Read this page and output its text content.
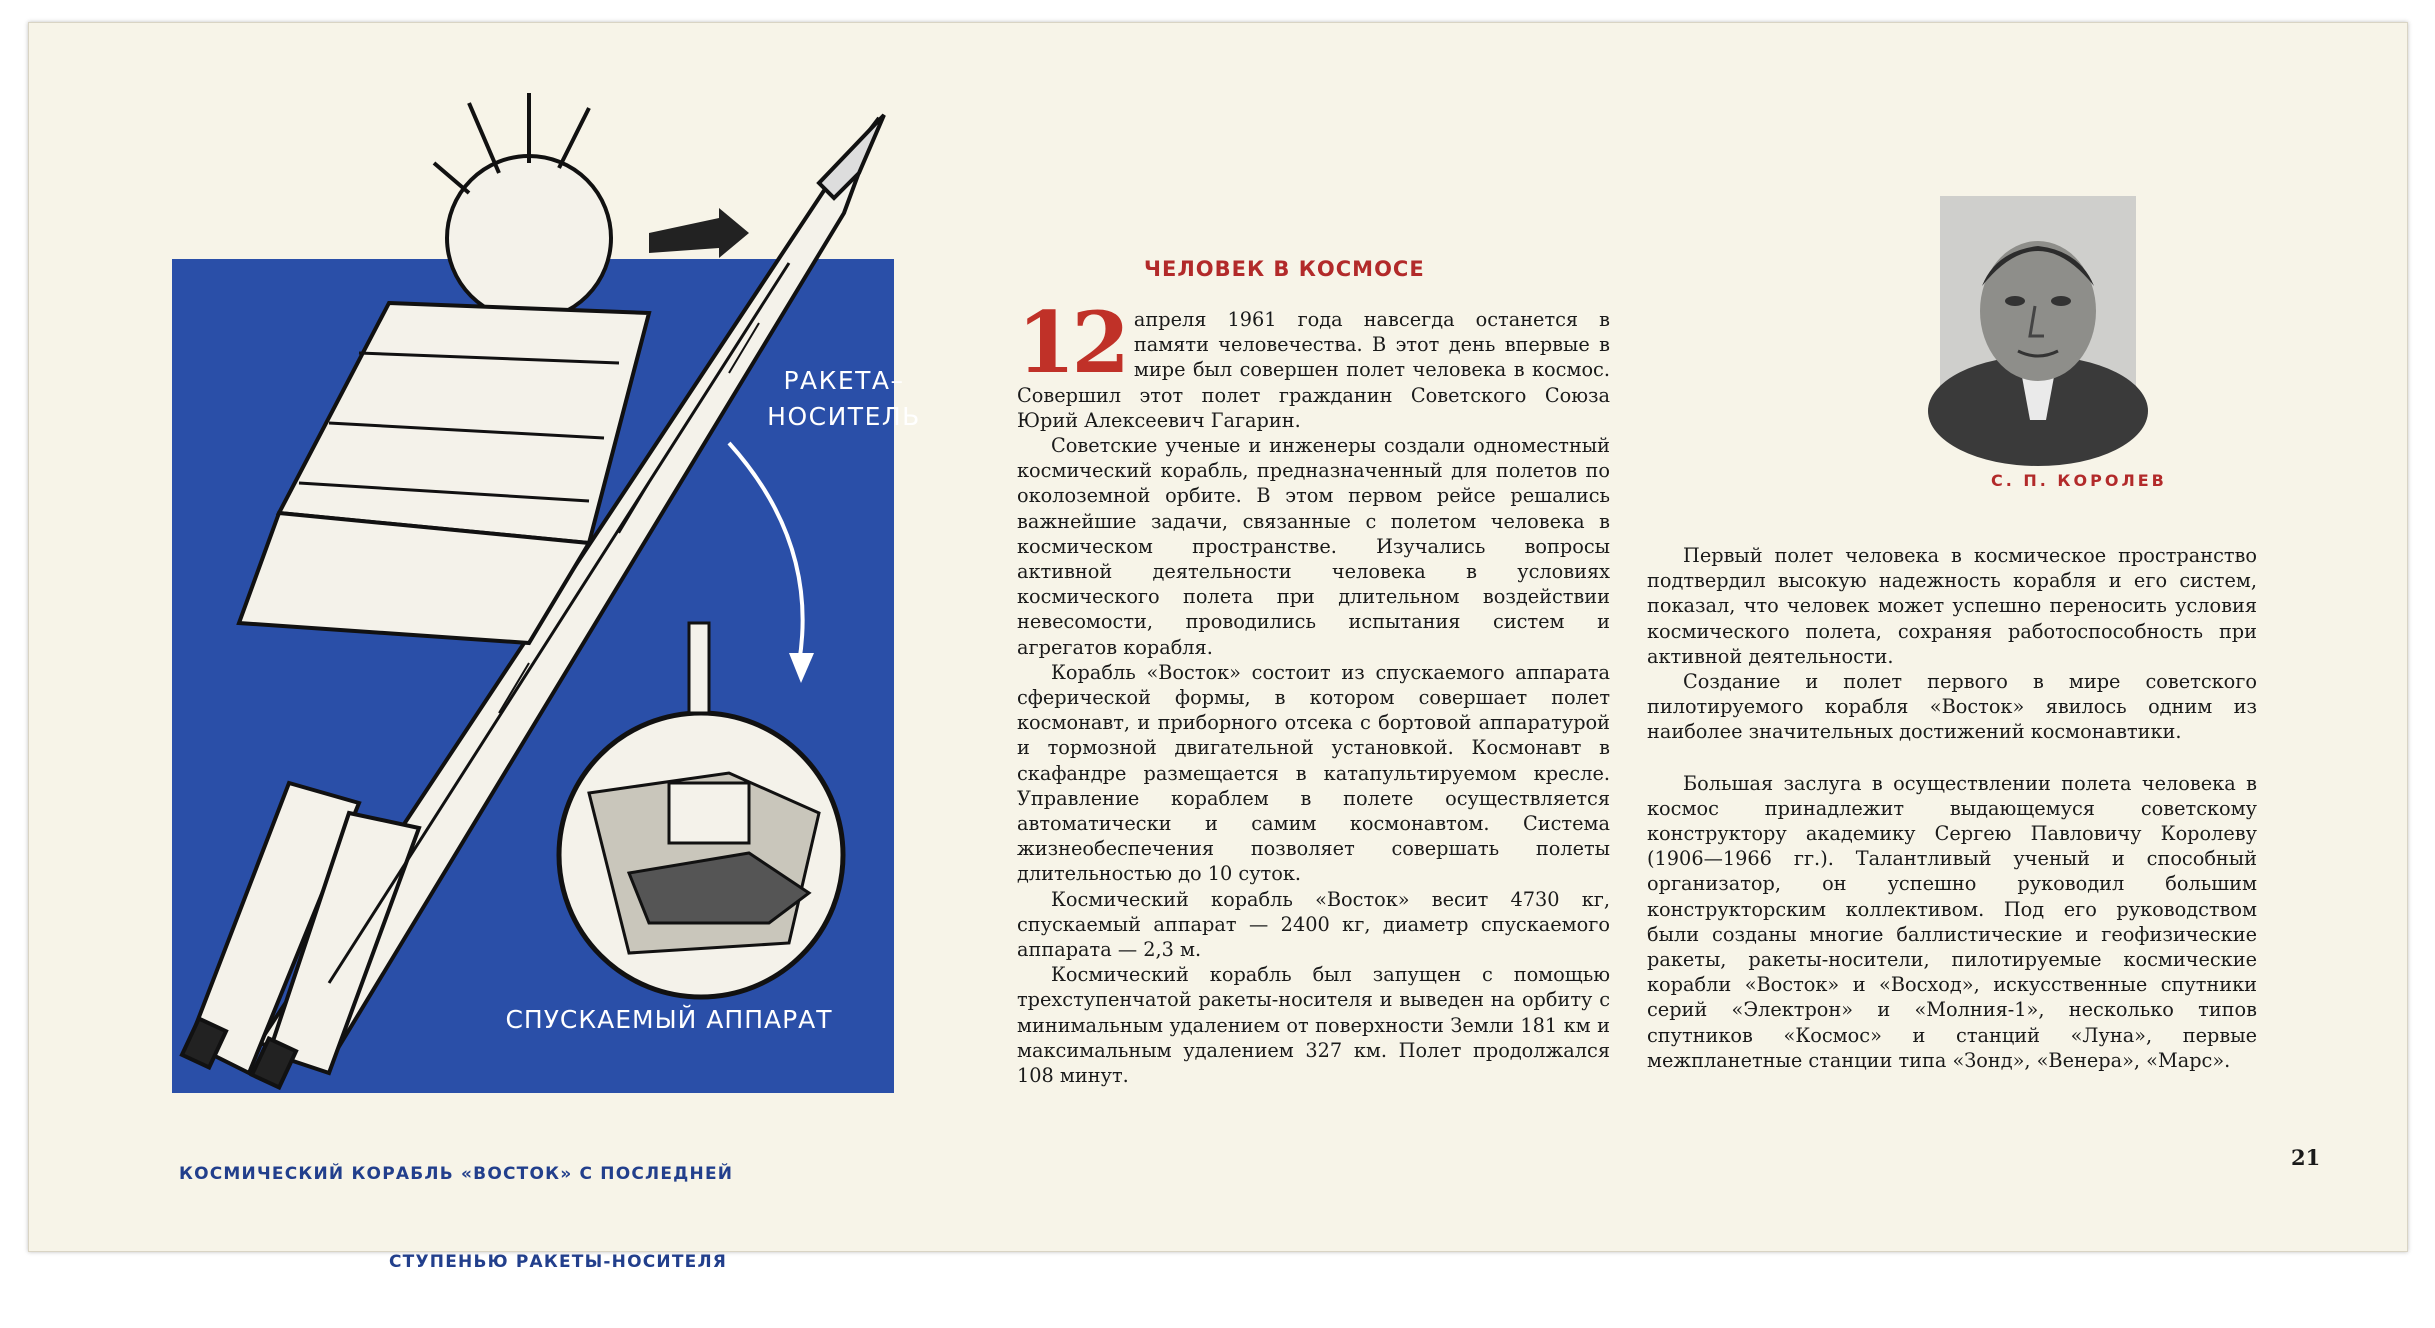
РАКЕТА–
НОСИТЕЛЬ
СПУСКАЕМЫЙ АППАРАТ

КОСМИЧЕСКИЙ КОРАБЛЬ «ВОСТОК» С ПОСЛЕДНЕЙ

СТУПЕНЬЮ РАКЕТЫ-НОСИТЕЛЯ

ЧЕЛОВЕК В КОСМОСЕ

12 апреля 1961 года навсегда останется в памяти человечества. В этот день впервые в мире был совершен полет человека в космос. Совершил этот полет гражданин Советского Союза Юрий Алексеевич Гагарин.

Советские ученые и инженеры создали одноместный космический корабль, предназначенный для полетов по околоземной орбите. В этом первом рейсе решались важнейшие задачи, связанные с полетом человека в космическом пространстве. Изучались вопросы активной деятельности человека в условиях космического полета при длительном воздействии невесомости, проводились испытания систем и агрегатов корабля.

Корабль «Восток» состоит из спускаемого аппарата сферической формы, в котором совершает полет космонавт, и приборного отсека с бортовой аппаратурой и тормозной двигательной установкой. Космонавт в скафандре размещается в катапультируемом кресле. Управление кораблем в полете осуществляется автоматически и самим космонавтом. Система жизнеобеспечения позволяет совершать полеты длительностью до 10 суток.

Космический корабль «Восток» весит 4730 кг, спускаемый аппарат — 2400 кг, диаметр спускаемого аппарата — 2,3 м.

Космический корабль был запущен с помощью трехступенчатой ракеты-носителя и выведен на орбиту с минимальным удалением от поверхности Земли 181 км и максимальным удалением 327 км. Полет продолжался 108 минут.

С. П. КОРОЛЕВ

Первый полет человека в космическое пространство подтвердил высокую надежность корабля и его систем, показал, что человек может успешно переносить условия космического полета, сохраняя работоспособность при активной деятельности.

Создание и полет первого в мире советского пилотируемого корабля «Восток» явилось одним из наиболее значительных достижений космонавтики.

Большая заслуга в осуществлении полета человека в космос принадлежит выдающемуся советскому конструктору академику Сергею Павловичу Королеву (1906—1966 гг.). Талантливый ученый и способный организатор, он успешно руководил большим конструкторским коллективом. Под его руководством были созданы многие баллистические и геофизические ракеты, ракеты-носители, пилотируемые космические корабли «Восток» и «Восход», искусственные спутники серий «Электрон» и «Молния-1», несколько типов спутников «Космос» и станций «Луна», первые межпланетные станции типа «Зонд», «Венера», «Марс».

21
